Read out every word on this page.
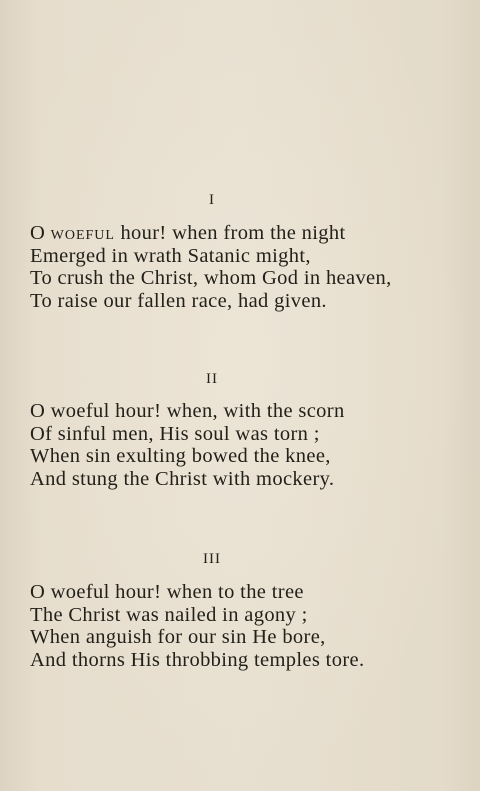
I
O woeful hour! when from the night
Emerged in wrath Satanic might,
To crush the Christ, whom God in heaven,
To raise our fallen race, had given.
II
O woeful hour! when, with the scorn
Of sinful men, His soul was torn ;
When sin exulting bowed the knee,
And stung the Christ with mockery.
III
O woeful hour! when to the tree
The Christ was nailed in agony ;
When anguish for our sin He bore,
And thorns His throbbing temples tore.
